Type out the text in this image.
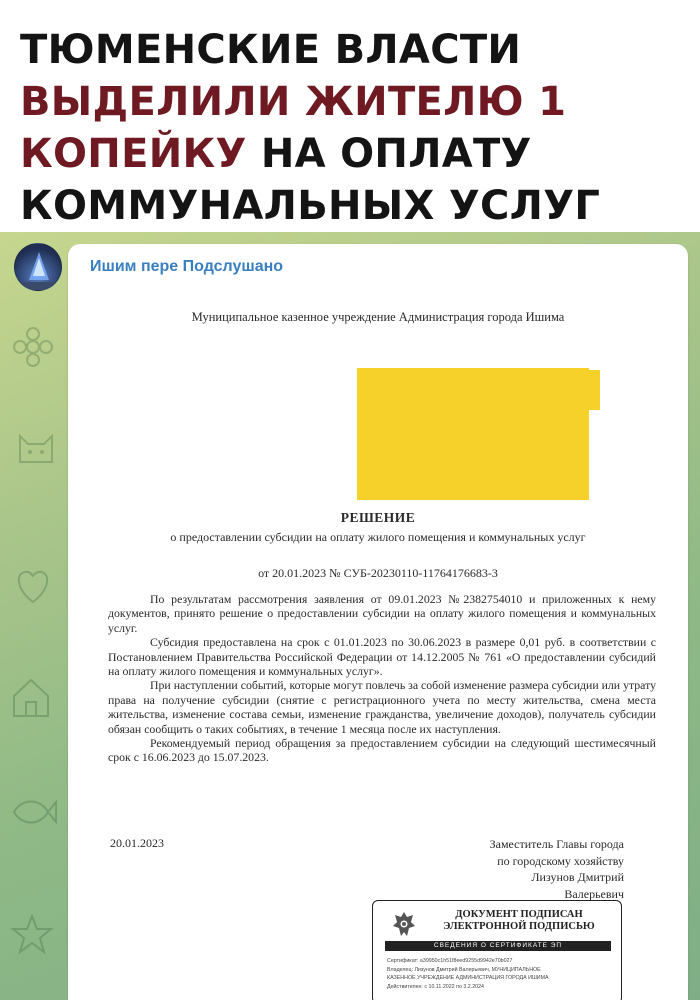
ТЮМЕНСКИЕ ВЛАСТИ
ВЫДЕЛИЛИ ЖИТЕЛЮ 1
КОПЕЙКУ НА ОПЛАТУ
КОММУНАЛЬНЫХ УСЛУГ
Ишим пере Подслушано
Муниципальное казенное учреждение Администрация города Ишима
РЕШЕНИЕ
о предоставлении субсидии на оплату жилого помещения и коммунальных услуг
от 20.01.2023 № СУБ-20230110-11764176683-3

По результатам рассмотрения заявления от 09.01.2023 №2382754010 и приложенных к нему документов, принято решение о предоставлении субсидии на оплату жилого помещения и коммунальных услуг.

Субсидия предоставлена на срок с 01.01.2023 по 30.06.2023 в размере 0,01 руб. в соответствии с Постановлением Правительства Российской Федерации от 14.12.2005 № 761 «О предоставлении субсидий на оплату жилого помещения и коммунальных услуг».

При наступлении событий, которые могут повлечь за собой изменение размера субсидии или утрату права на получение субсидии (снятие с регистрационного учета по месту жительства, смена места жительства, изменение состава семьи, изменение гражданства, увеличение доходов), получатель субсидии обязан сообщить о таких событиях, в течение 1 месяца после их наступления.

Рекомендуемый период обращения за предоставлением субсидии на следующий шестимесячный срок с 16.06.2023 до 15.07.2023.

20.01.2023	Заместитель Главы города
по городскому хозяйству
Лизунов Дмитрий
Валерьевич
ДОКУМЕНТ ПОДПИСАН
ЭЛЕКТРОННОЙ ПОДПИСЬЮ
СВЕДЕНИЯ О СЕРТИФИКАТЕ ЭП
Сертификат: a39950c1h51f8eed9255d9942e70b027
Владелец: Лизунов Дмитрий Валерьевич, МУНИЦИПАЛЬНОЕ
КАЗЕННОЕ УЧРЕЖДЕНИЕ АДМИНИСТРАЦИЯ ГОРОДА ИШИМА
Действителен: с 10.11.2022 по 3.2.2024
